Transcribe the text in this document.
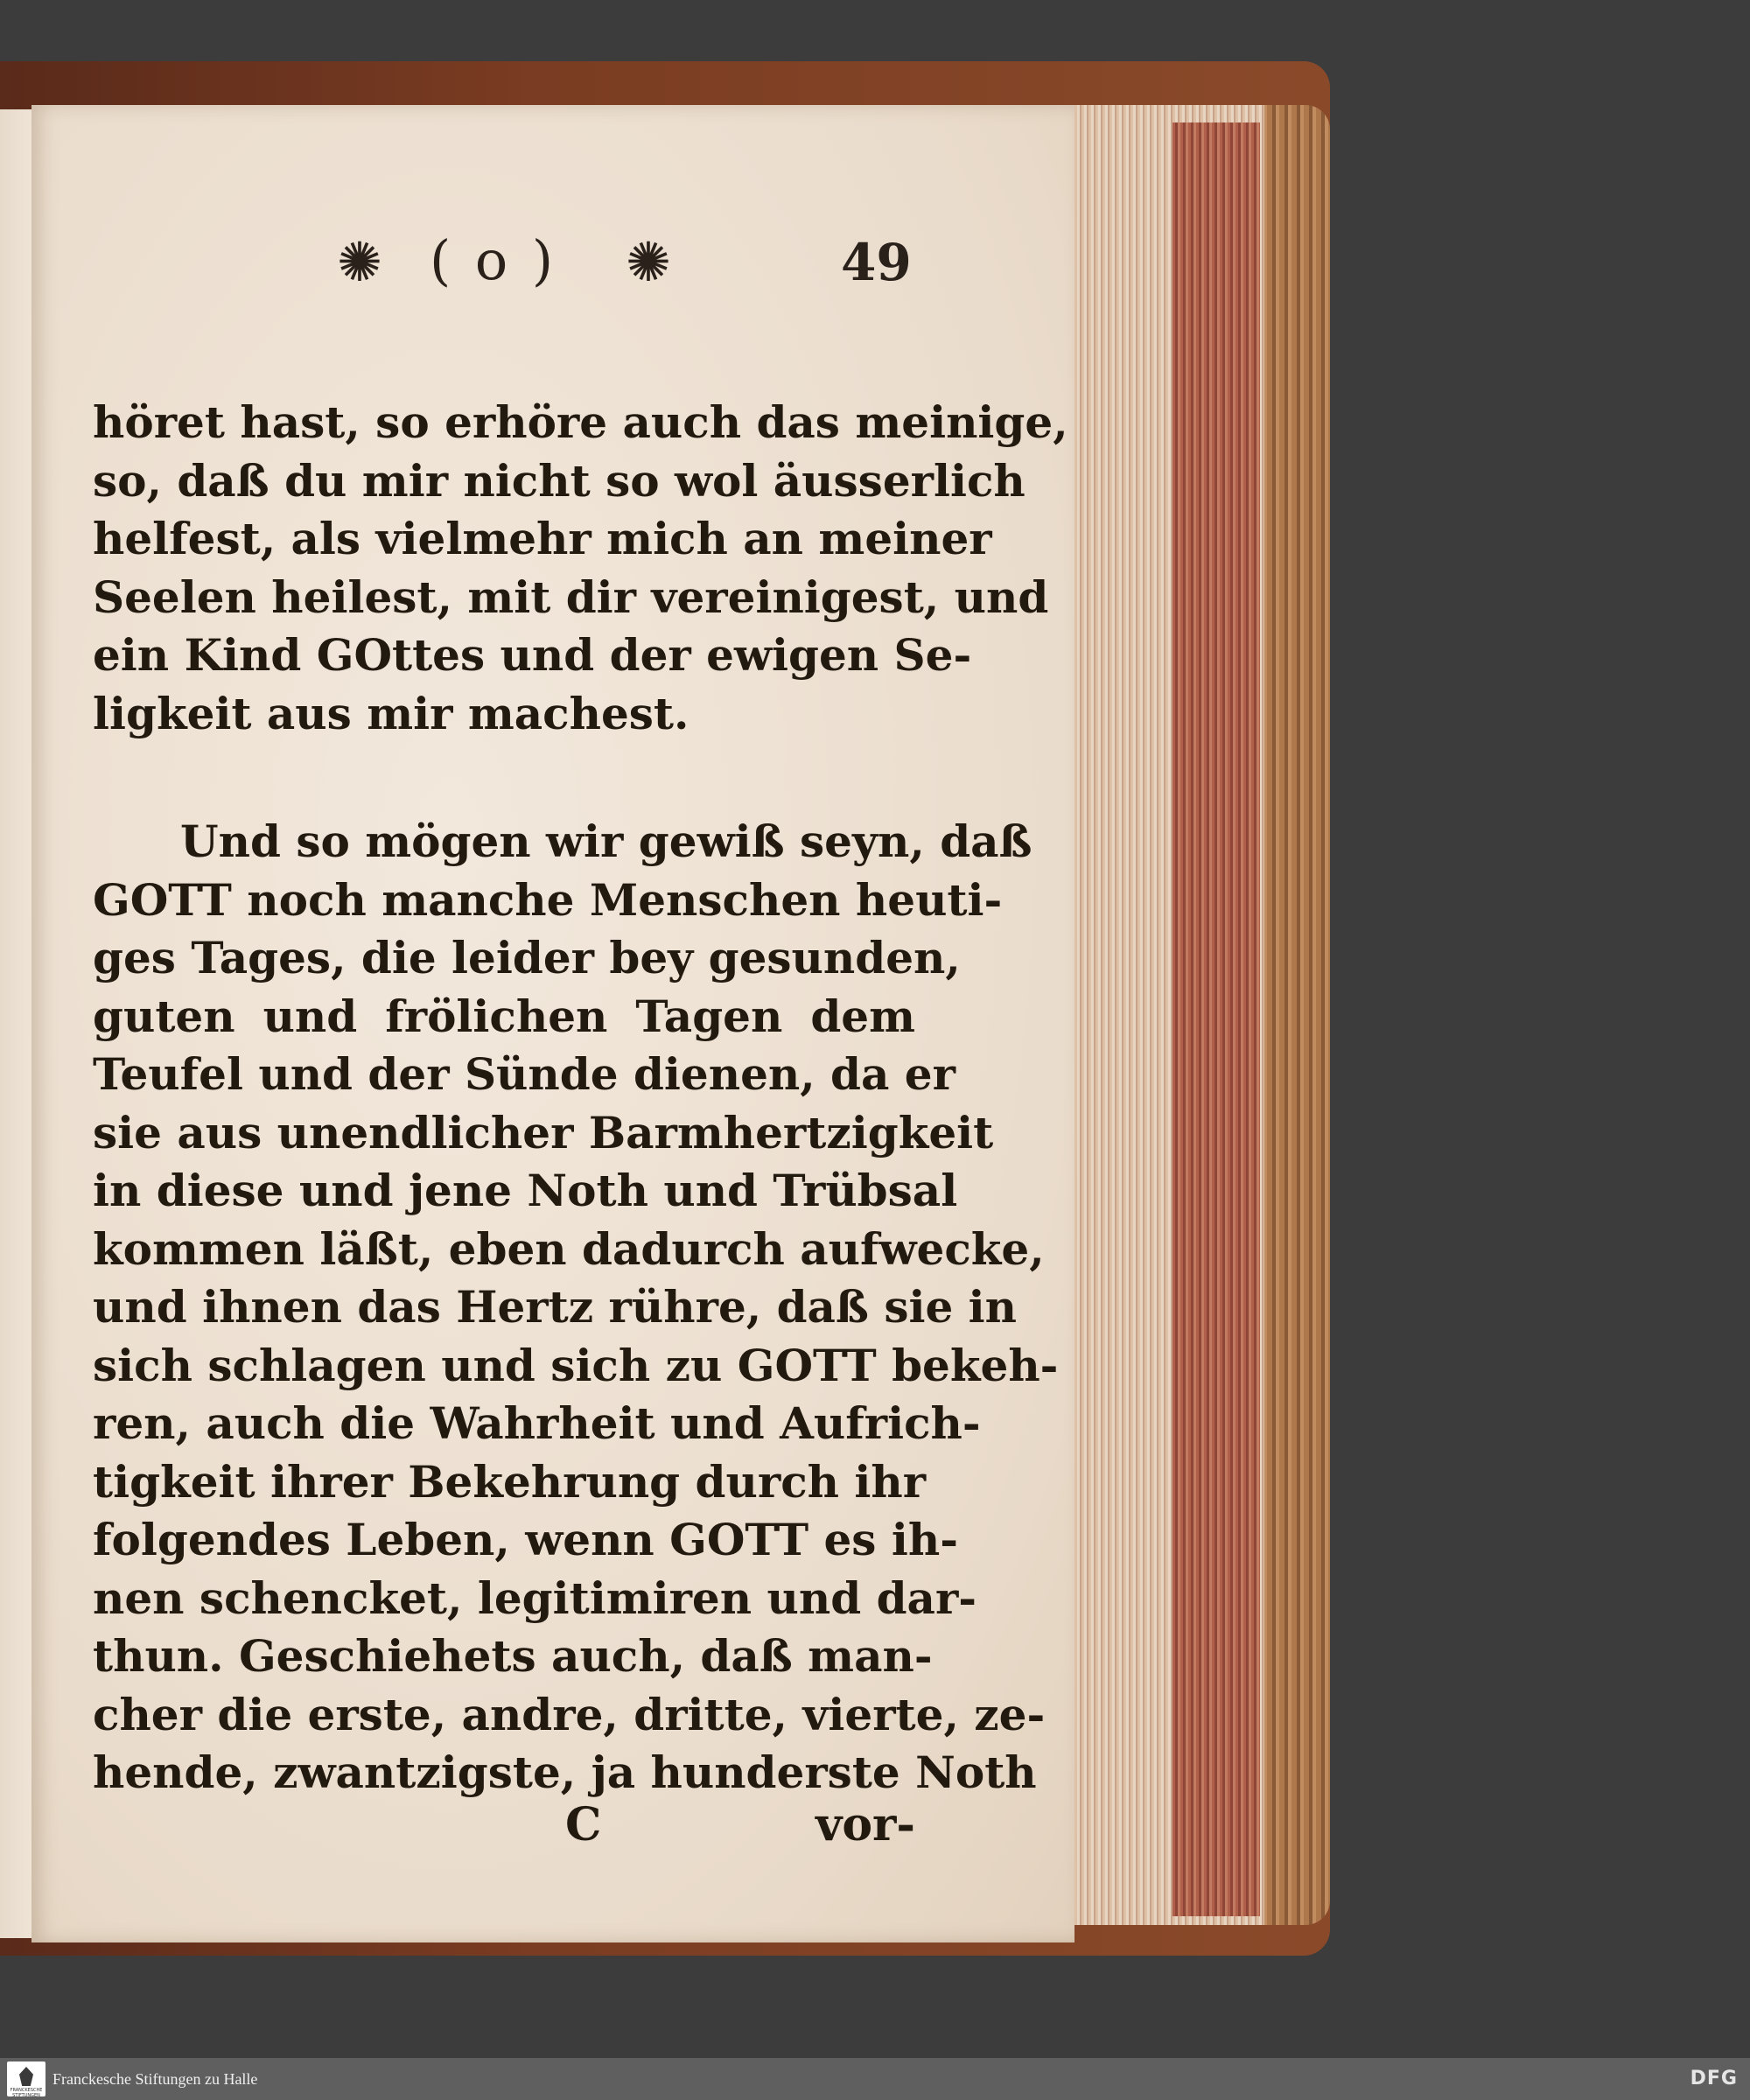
✺ ( o ) ✺	49
höret hast, so erhöre auch das meinige,
so, daß du mir nicht so wol äusserlich
helfest, als vielmehr mich an meiner
Seelen heilest, mit dir vereinigest, und
ein Kind GOttes und der ewigen Se-
ligkeit aus mir machest.
Und so mögen wir gewiß seyn, daß
GOTT noch manche Menschen heuti-
ges Tages, die leider bey gesunden,
guten und frölichen Tagen dem
Teufel und der Sünde dienen, da er
sie aus unendlicher Barmhertzigkeit
in diese und jene Noth und Trübsal
kommen läßt, eben dadurch aufwecke,
und ihnen das Hertz rühre, daß sie in
sich schlagen und sich zu GOTT bekeh-
ren, auch die Wahrheit und Aufrich-
tigkeit ihrer Bekehrung durch ihr
folgendes Leben, wenn GOTT es ih-
nen schencket, legitimiren und dar-
thun. Geschiehets auch, daß man-
cher die erste, andre, dritte, vierte, ze-
hende, zwantzigste, ja hunderste Noth
C	vor-
FRANCKESCHE STIFTUNGEN
Franckesche Stiftungen zu Halle	DFG
